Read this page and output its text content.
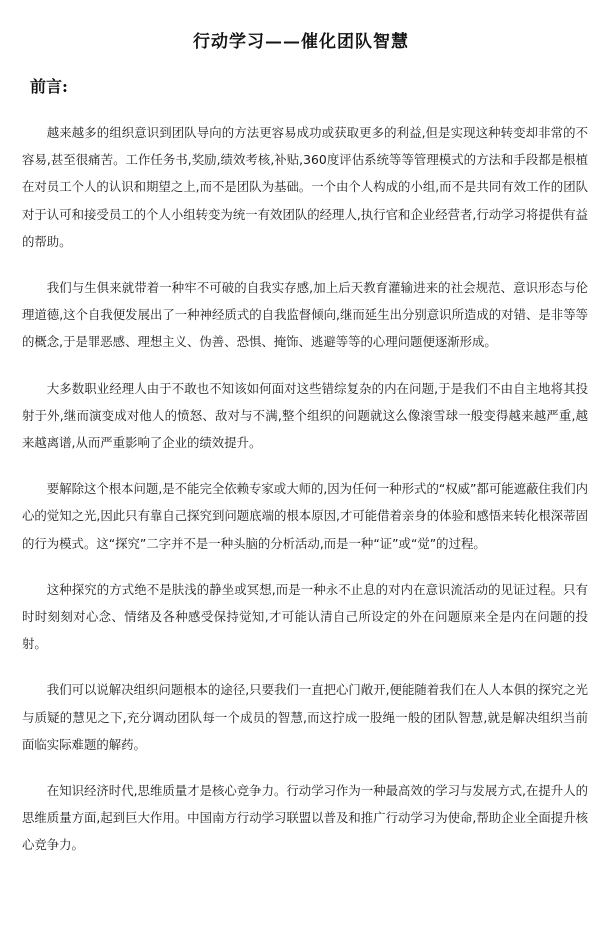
行动学习——催化团队智慧
前言:

越来越多的组织意识到团队导向的方法更容易成功或获取更多的利益,但是实现这种转变却非常的不容易,甚至很痛苦。工作任务书,奖励,绩效考核,补贴,360度评估系统等等管理模式的方法和手段都是根植在对员工个人的认识和期望之上,而不是团队为基础。一个由个人构成的小组,而不是共同有效工作的团队对于认可和接受员工的个人小组转变为统一有效团队的经理人,执行官和企业经营者,行动学习将提供有益的帮助。

我们与生俱来就带着一种牢不可破的自我实存感,加上后天教育灌输进来的社会规范、意识形态与伦理道德,这个自我便发展出了一种神经质式的自我监督倾向,继而延生出分别意识所造成的对错、是非等等的概念,于是罪恶感、理想主义、伪善、恐惧、掩饰、逃避等等的心理问题便逐渐形成。

大多数职业经理人由于不敢也不知该如何面对这些错综复杂的内在问题,于是我们不由自主地将其投射于外,继而演变成对他人的愤怒、敌对与不满,整个组织的问题就这么像滚雪球一般变得越来越严重,越来越离谱,从而严重影响了企业的绩效提升。

要解除这个根本问题,是不能完全依赖专家或大师的,因为任何一种形式的“权威”都可能遮蔽住我们内心的觉知之光,因此只有靠自己探究到问题底端的根本原因,才可能借着亲身的体验和感悟来转化根深蒂固的行为模式。这“探究”二字并不是一种头脑的分析活动,而是一种“证”或“觉”的过程。

这种探究的方式绝不是肤浅的静坐或冥想,而是一种永不止息的对内在意识流活动的见证过程。只有时时刻刻对心念、情绪及各种感受保持觉知,才可能认清自己所设定的外在问题原来全是内在问题的投射。

我们可以说解决组织问题根本的途径,只要我们一直把心门敞开,便能随着我们在人人本俱的探究之光与质疑的慧见之下,充分调动团队每一个成员的智慧,而这拧成一股绳一般的团队智慧,就是解决组织当前面临实际难题的解药。

在知识经济时代,思维质量才是核心竞争力。行动学习作为一种最高效的学习与发展方式,在提升人的思维质量方面,起到巨大作用。中国南方行动学习联盟以普及和推广行动学习为使命,帮助企业全面提升核心竞争力。
